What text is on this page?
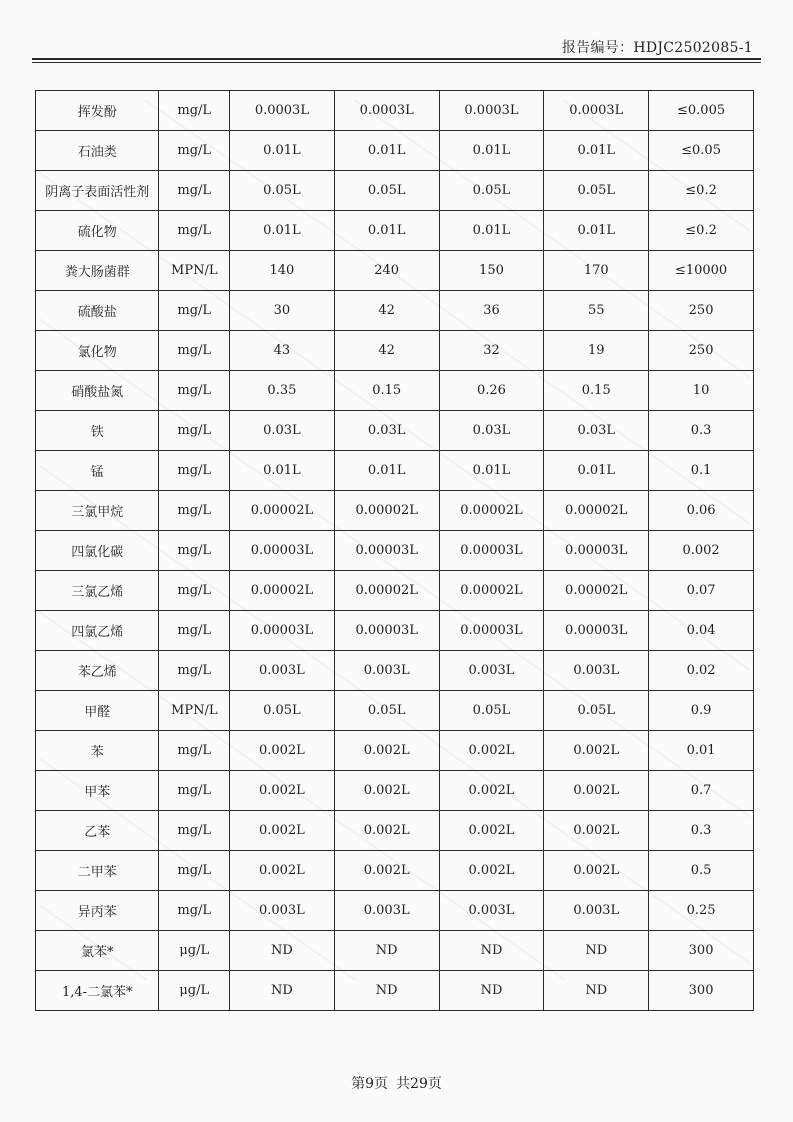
报告编号：HDJC2502085-1
挥发酚	mg/L	0.0003L	0.0003L	0.0003L	0.0003L	≤0.005
石油类	mg/L	0.01L	0.01L	0.01L	0.01L	≤0.05
阴离子表面活性剂	mg/L	0.05L	0.05L	0.05L	0.05L	≤0.2
硫化物	mg/L	0.01L	0.01L	0.01L	0.01L	≤0.2
粪大肠菌群	MPN/L	140	240	150	170	≤10000
硫酸盐	mg/L	30	42	36	55	250
氯化物	mg/L	43	42	32	19	250
硝酸盐氮	mg/L	0.35	0.15	0.26	0.15	10
铁	mg/L	0.03L	0.03L	0.03L	0.03L	0.3
锰	mg/L	0.01L	0.01L	0.01L	0.01L	0.1
三氯甲烷	mg/L	0.00002L	0.00002L	0.00002L	0.00002L	0.06
四氯化碳	mg/L	0.00003L	0.00003L	0.00003L	0.00003L	0.002
三氯乙烯	mg/L	0.00002L	0.00002L	0.00002L	0.00002L	0.07
四氯乙烯	mg/L	0.00003L	0.00003L	0.00003L	0.00003L	0.04
苯乙烯	mg/L	0.003L	0.003L	0.003L	0.003L	0.02
甲醛	MPN/L	0.05L	0.05L	0.05L	0.05L	0.9
苯	mg/L	0.002L	0.002L	0.002L	0.002L	0.01
甲苯	mg/L	0.002L	0.002L	0.002L	0.002L	0.7
乙苯	mg/L	0.002L	0.002L	0.002L	0.002L	0.3
二甲苯	mg/L	0.002L	0.002L	0.002L	0.002L	0.5
异丙苯	mg/L	0.003L	0.003L	0.003L	0.003L	0.25
氯苯*	μg/L	ND	ND	ND	ND	300
1,4-二氯苯*	μg/L	ND	ND	ND	ND	300
第9页 共29页
